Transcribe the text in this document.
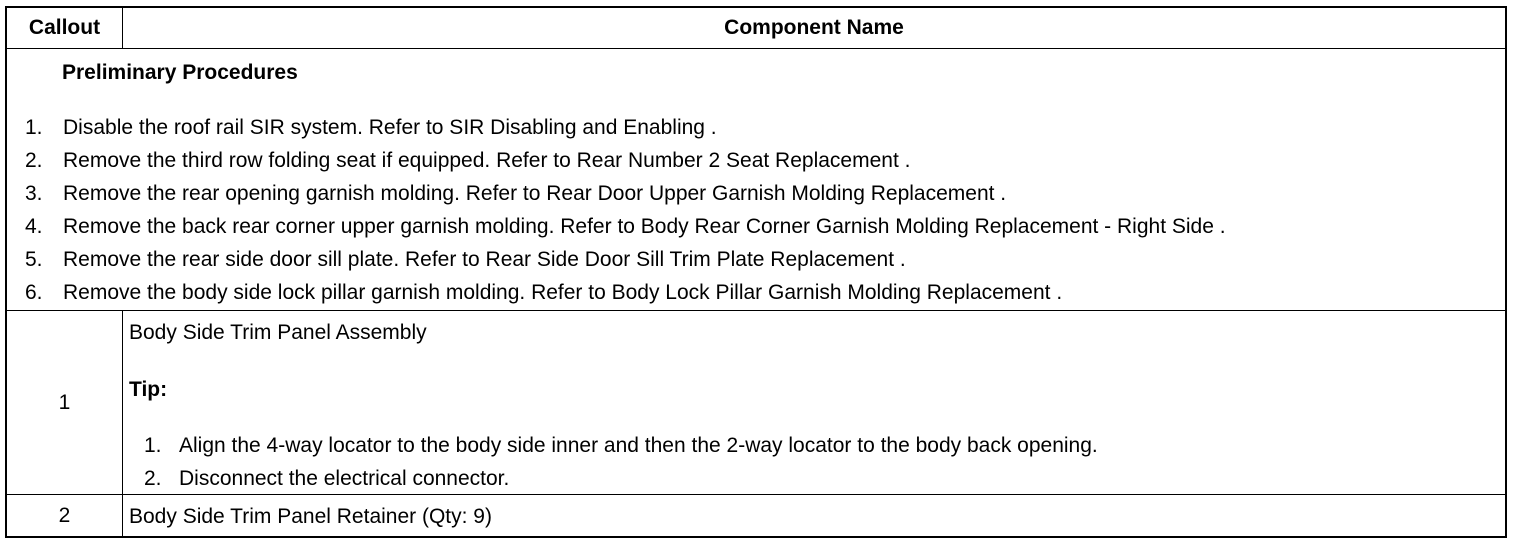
Callout	Component Name
Preliminary Procedures
1. Disable the roof rail SIR system. Refer to SIR Disabling and Enabling .
2. Remove the third row folding seat if equipped. Refer to Rear Number 2 Seat Replacement .
3. Remove the rear opening garnish molding. Refer to Rear Door Upper Garnish Molding Replacement .
4. Remove the back rear corner upper garnish molding. Refer to Body Rear Corner Garnish Molding Replacement - Right Side .
5. Remove the rear side door sill plate. Refer to Rear Side Door Sill Trim Plate Replacement .
6. Remove the body side lock pillar garnish molding. Refer to Body Lock Pillar Garnish Molding Replacement .
1
Body Side Trim Panel Assembly
Tip:
1. Align the 4-way locator to the body side inner and then the 2-way locator to the body back opening.
2. Disconnect the electrical connector.
2	Body Side Trim Panel Retainer (Qty: 9)
